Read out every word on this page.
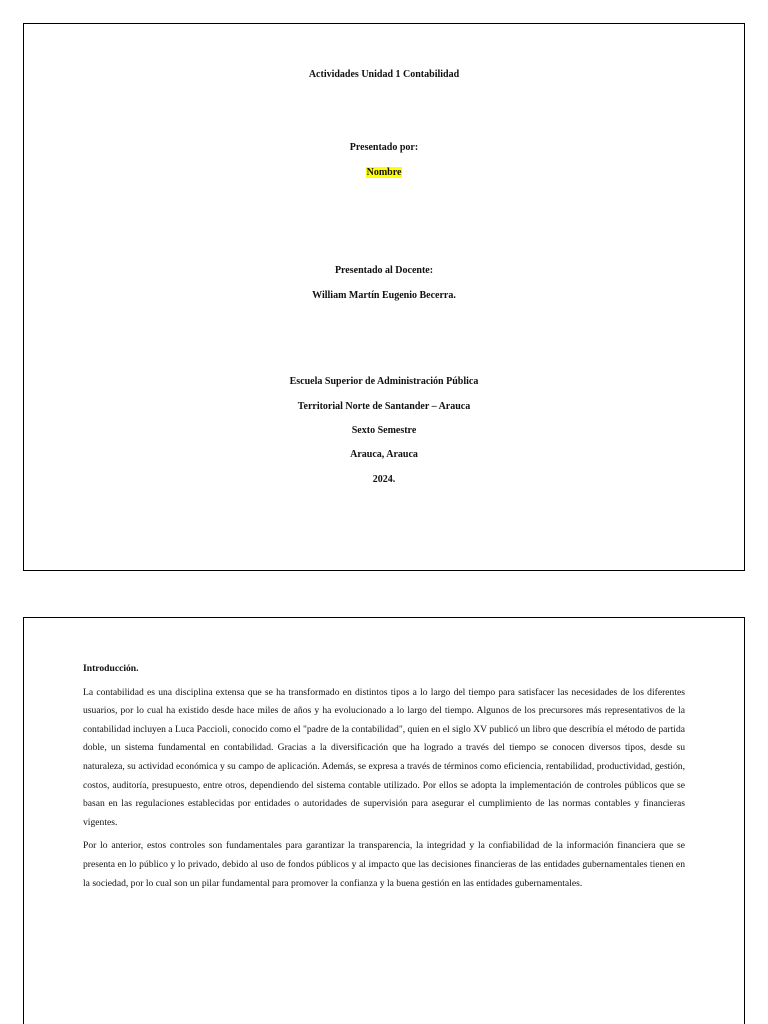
Actividades Unidad 1 Contabilidad
Presentado por:
Nombre
Presentado al Docente:
William Martín Eugenio Becerra.
Escuela Superior de Administración Pública
Territorial Norte de Santander – Arauca
Sexto Semestre
Arauca, Arauca
2024.
Introducción.

La contabilidad es una disciplina extensa que se ha transformado en distintos tipos a lo largo del tiempo para satisfacer las necesidades de los diferentes usuarios, por lo cual ha existido desde hace miles de años y ha evolucionado a lo largo del tiempo. Algunos de los precursores más representativos de la contabilidad incluyen a Luca Paccioli, conocido como el "padre de la contabilidad", quien en el siglo XV publicó un libro que describía el método de partida doble, un sistema fundamental en contabilidad. Gracias a la diversificación que ha logrado a través del tiempo se conocen diversos tipos, desde su naturaleza, su actividad económica y su campo de aplicación. Además, se expresa a través de términos como eficiencia, rentabilidad, productividad, gestión, costos, auditoría, presupuesto, entre otros, dependiendo del sistema contable utilizado. Por ellos se adopta la implementación de controles públicos que se basan en las regulaciones establecidas por entidades o autoridades de supervisión para asegurar el cumplimiento de las normas contables y financieras vigentes.

Por lo anterior, estos controles son fundamentales para garantizar la transparencia, la integridad y la confiabilidad de la información financiera que se presenta en lo público y lo privado, debido al uso de fondos públicos y al impacto que las decisiones financieras de las entidades gubernamentales tienen en la sociedad, por lo cual son un pilar fundamental para promover la confianza y la buena gestión en las entidades gubernamentales.
